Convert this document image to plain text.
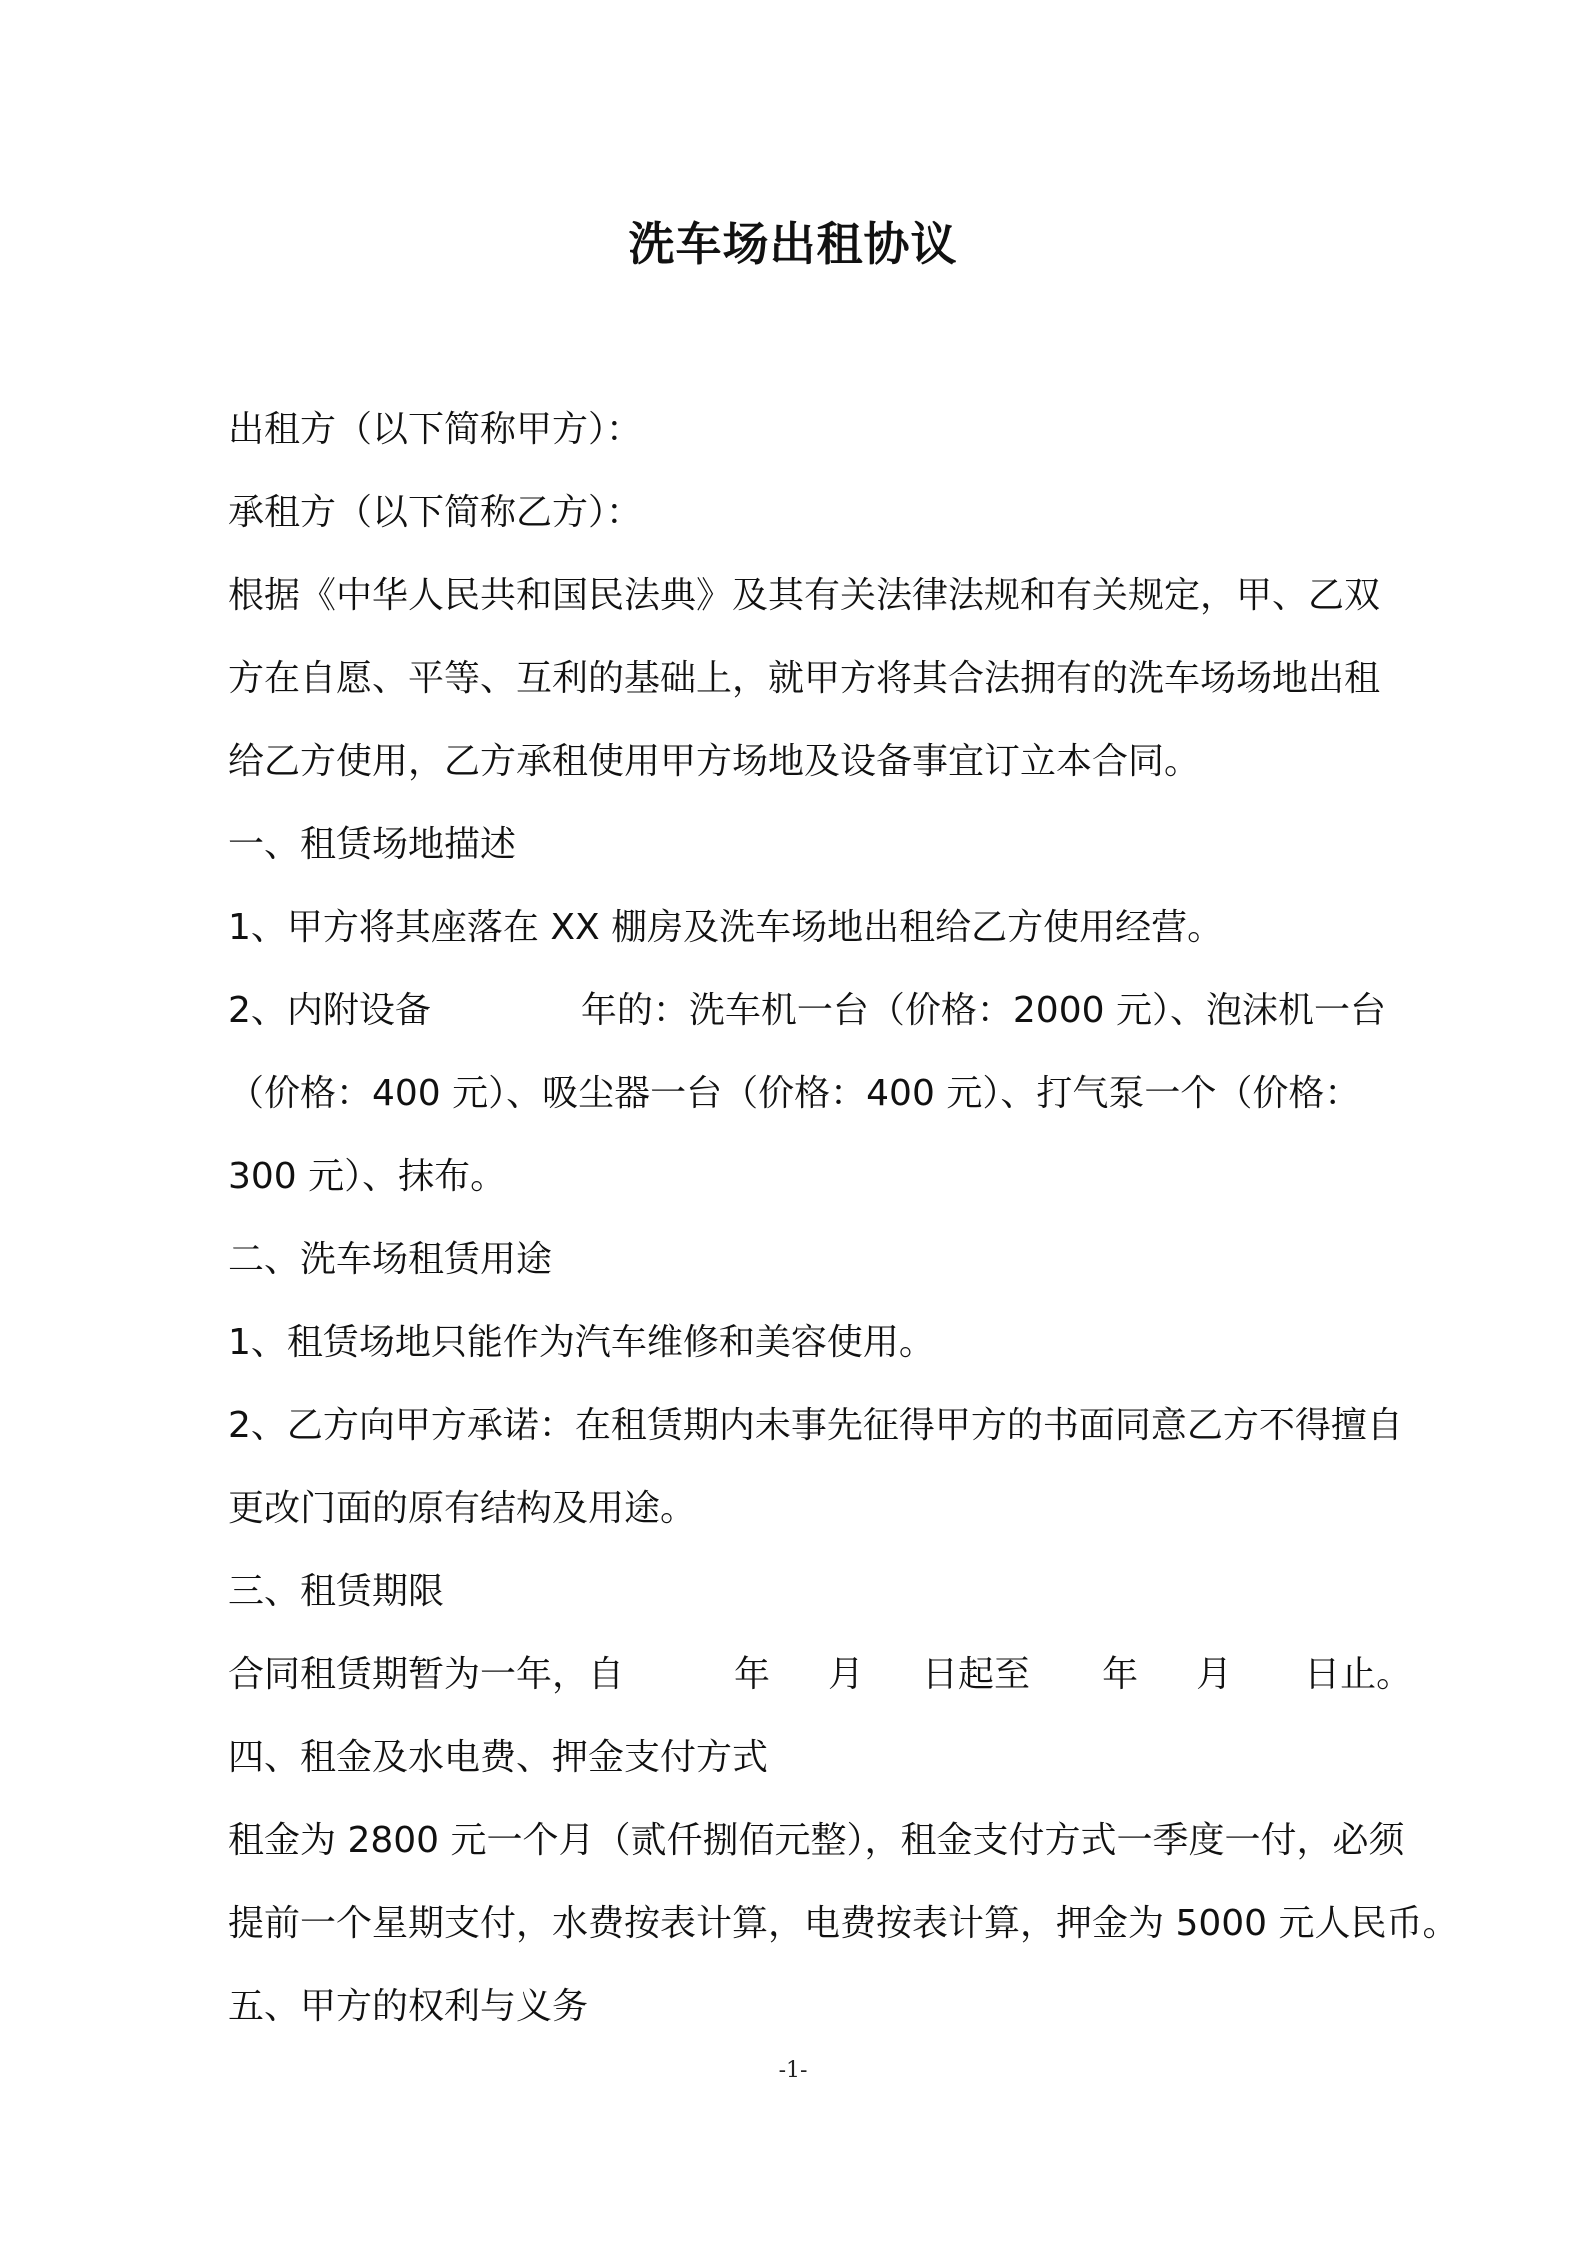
洗车场出租协议
出租方（以下简称甲方）：
承租方（以下简称乙方）：
根据《中华人民共和国民法典》及其有关法律法规和有关规定，甲、乙双
方在自愿、平等、互利的基础上，就甲方将其合法拥有的洗车场场地出租
给乙方使用，乙方承租使用甲方场地及设备事宜订立本合同。
一、租赁场地描述
1、甲方将其座落在 XX 棚房及洗车场地出租给乙方使用经营。
2、内附设备	年的：洗车机一台（价格：2000 元）、泡沫机一台
（价格：400 元）、吸尘器一台（价格：400 元）、打气泵一个（价格：
300 元）、抹布。
二、洗车场租赁用途
1、租赁场地只能作为汽车维修和美容使用。
2、乙方向甲方承诺：在租赁期内未事先征得甲方的书面同意乙方不得擅自
更改门面的原有结构及用途。
三、租赁期限
合同租赁期暂为一年，自	年 月 日起至 年 月 日止。
四、租金及水电费、押金支付方式
租金为 2800 元一个月（贰仟捌佰元整），租金支付方式一季度一付，必须
提前一个星期支付，水费按表计算，电费按表计算，押金为 5000 元人民币。
五、甲方的权利与义务
-1-
